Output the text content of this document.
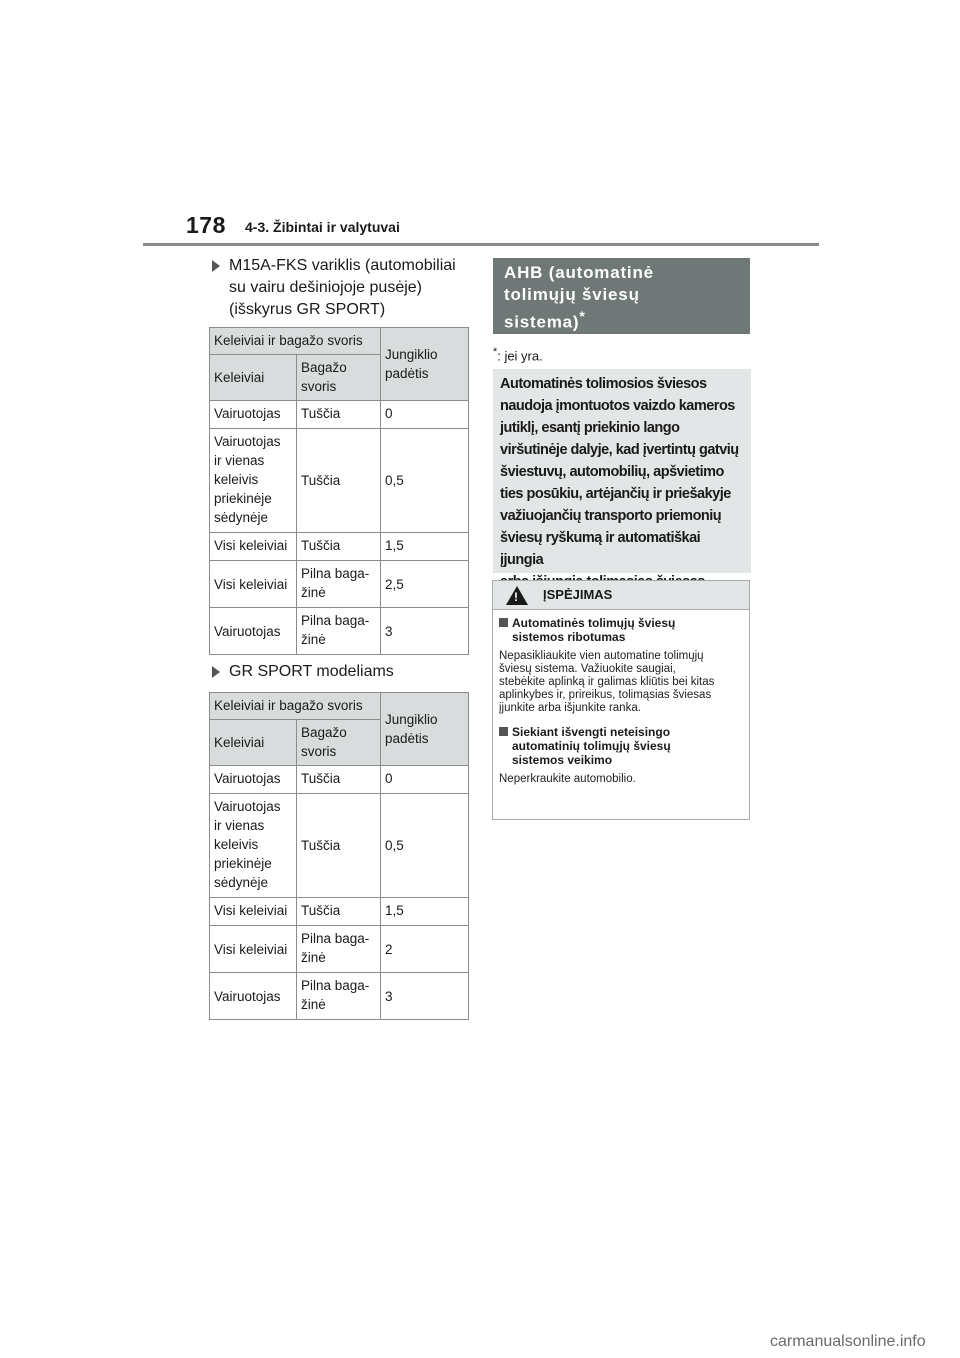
178 4-3. Žibintai ir valytuvai
M15A-FKS variklis (automobiliai
su vairu dešiniojoje pusėje)
(išskyrus GR SPORT)
Keleiviai ir bagažo svoris		Jungiklio
padėtis
Keleiviai	Bagažo
svoris	

Vairuotojas	Tuščia	0

Vairuotojas
ir vienas
keleivis
priekinėje
sėdynėje	Tuščia	0,5

Visi keleiviai	Tuščia	1,5

Visi keleiviai	Pilna baga-
žinė	2,5

Vairuotojas	Pilna baga-
žinė	3
GR SPORT modeliams
Keleiviai ir bagažo svoris		Jungiklio
padėtis
Keleiviai	Bagažo
svoris	

Vairuotojas	Tuščia	0

Vairuotojas
ir vienas
keleivis
priekinėje
sėdynėje	Tuščia	0,5

Visi keleiviai	Tuščia	1,5

Visi keleiviai	Pilna baga-
žinė	2

Vairuotojas	Pilna baga-
žinė	3
AHB (automatinė
tolimųjų šviesų
sistema)*
*: jei yra.
Automatinės tolimosios šviesos
naudoja įmontuotos vaizdo kameros
jutiklį, esantį priekinio lango
viršutinėje dalyje, kad įvertintų gatvių
šviestuvų, automobilių, apšvietimo
ties posūkiu, artėjančių ir priešakyje
važiuojančių transporto priemonių
šviesų ryškumą ir automatiškai įjungia
!
ĮSPĖJIMAS
Automatinės tolimųjų šviesų
sistemos ribotumas
Nepasikliaukite vien automatine tolimųjų
šviesų sistema. Važiuokite saugiai,
stebėkite aplinką ir galimas kliūtis bei kitas
aplinkybes ir, prireikus, tolimąsias šviesas
įjunkite arba išjunkite ranka.
Siekiant išvengti neteisingo
automatinių tolimųjų šviesų
sistemos veikimo
Neperkraukite automobilio.
carmanualsonline.info
